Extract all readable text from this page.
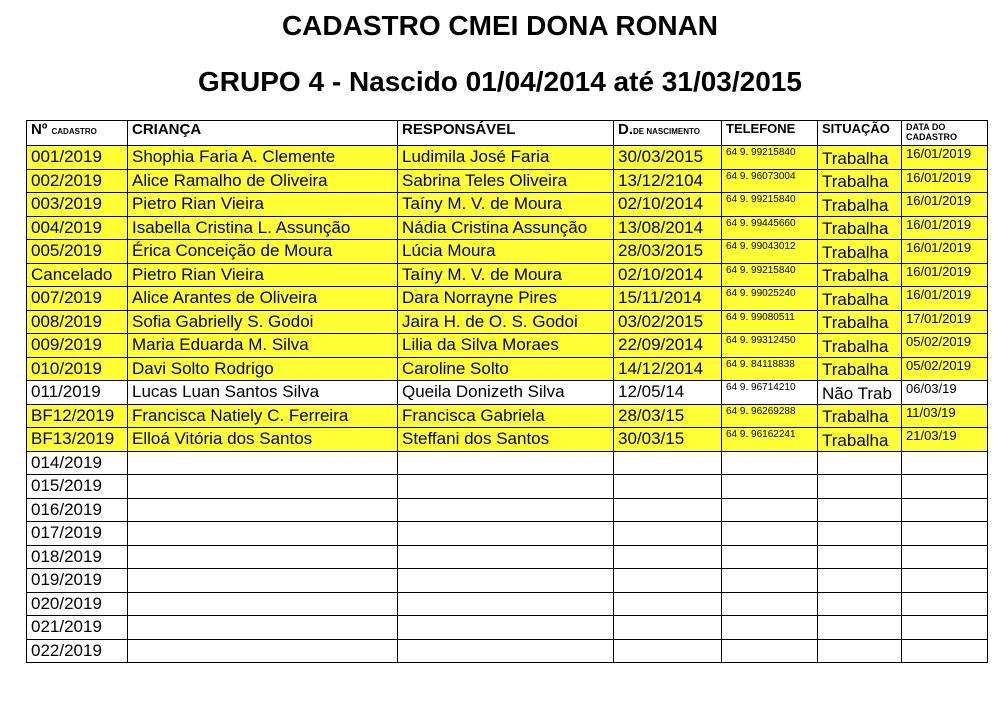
CADASTRO CMEI DONA RONAN
GRUPO 4 - Nascido 01/04/2014 até 31/03/2015
Nº CADASTRO	CRIANÇA	RESPONSÁVEL	D.DE NASCIMENTO	TELEFONE	SITUAÇÃO	DATA DO
CADASTRO
001/2019	Shophia Faria A. Clemente	Ludimila José Faria	30/03/2015	64 9. 99215840	Trabalha	16/01/2019
002/2019	Alice Ramalho de Oliveira	Sabrina Teles Oliveira	13/12/2104	64 9. 96073004	Trabalha	16/01/2019
003/2019	Pietro Rian Vieira	Taíny M. V. de Moura	02/10/2014	64 9. 99215840	Trabalha	16/01/2019
004/2019	Isabella Cristina L. Assunção	Nádia Cristina Assunção	13/08/2014	64 9. 99445660	Trabalha	16/01/2019
005/2019	Érica Conceição de Moura	Lúcia Moura	28/03/2015	64 9. 99043012	Trabalha	16/01/2019
Cancelado	Pietro Rian Vieira	Taíny M. V. de Moura	02/10/2014	64 9. 99215840	Trabalha	16/01/2019
007/2019	Alice Arantes de Oliveira	Dara Norrayne Pires	15/11/2014	64 9. 99025240	Trabalha	16/01/2019
008/2019	Sofia Gabrielly S. Godoi	Jaira H. de O. S. Godoi	03/02/2015	64 9. 99080511	Trabalha	17/01/2019
009/2019	Maria Eduarda M. Silva	Lilia da Silva Moraes	22/09/2014	64 9. 99312450	Trabalha	05/02/2019
010/2019	Davi Solto Rodrigo	Caroline Solto	14/12/2014	64 9. 84118838	Trabalha	05/02/2019
011/2019	Lucas Luan Santos Silva	Queila Donizeth Silva	12/05/14	64 9. 96714210	Não Trab	06/03/19
BF12/2019	Francisca Natiely C. Ferreira	Francisca Gabriela	28/03/15	64 9. 96269288	Trabalha	11/03/19
BF13/2019	Elloá Vitória dos Santos	Steffani dos Santos	30/03/15	64 9. 96162241	Trabalha	21/03/19
014/2019						
015/2019						
016/2019						
017/2019						
018/2019						
019/2019						
020/2019						
021/2019						
022/2019						
